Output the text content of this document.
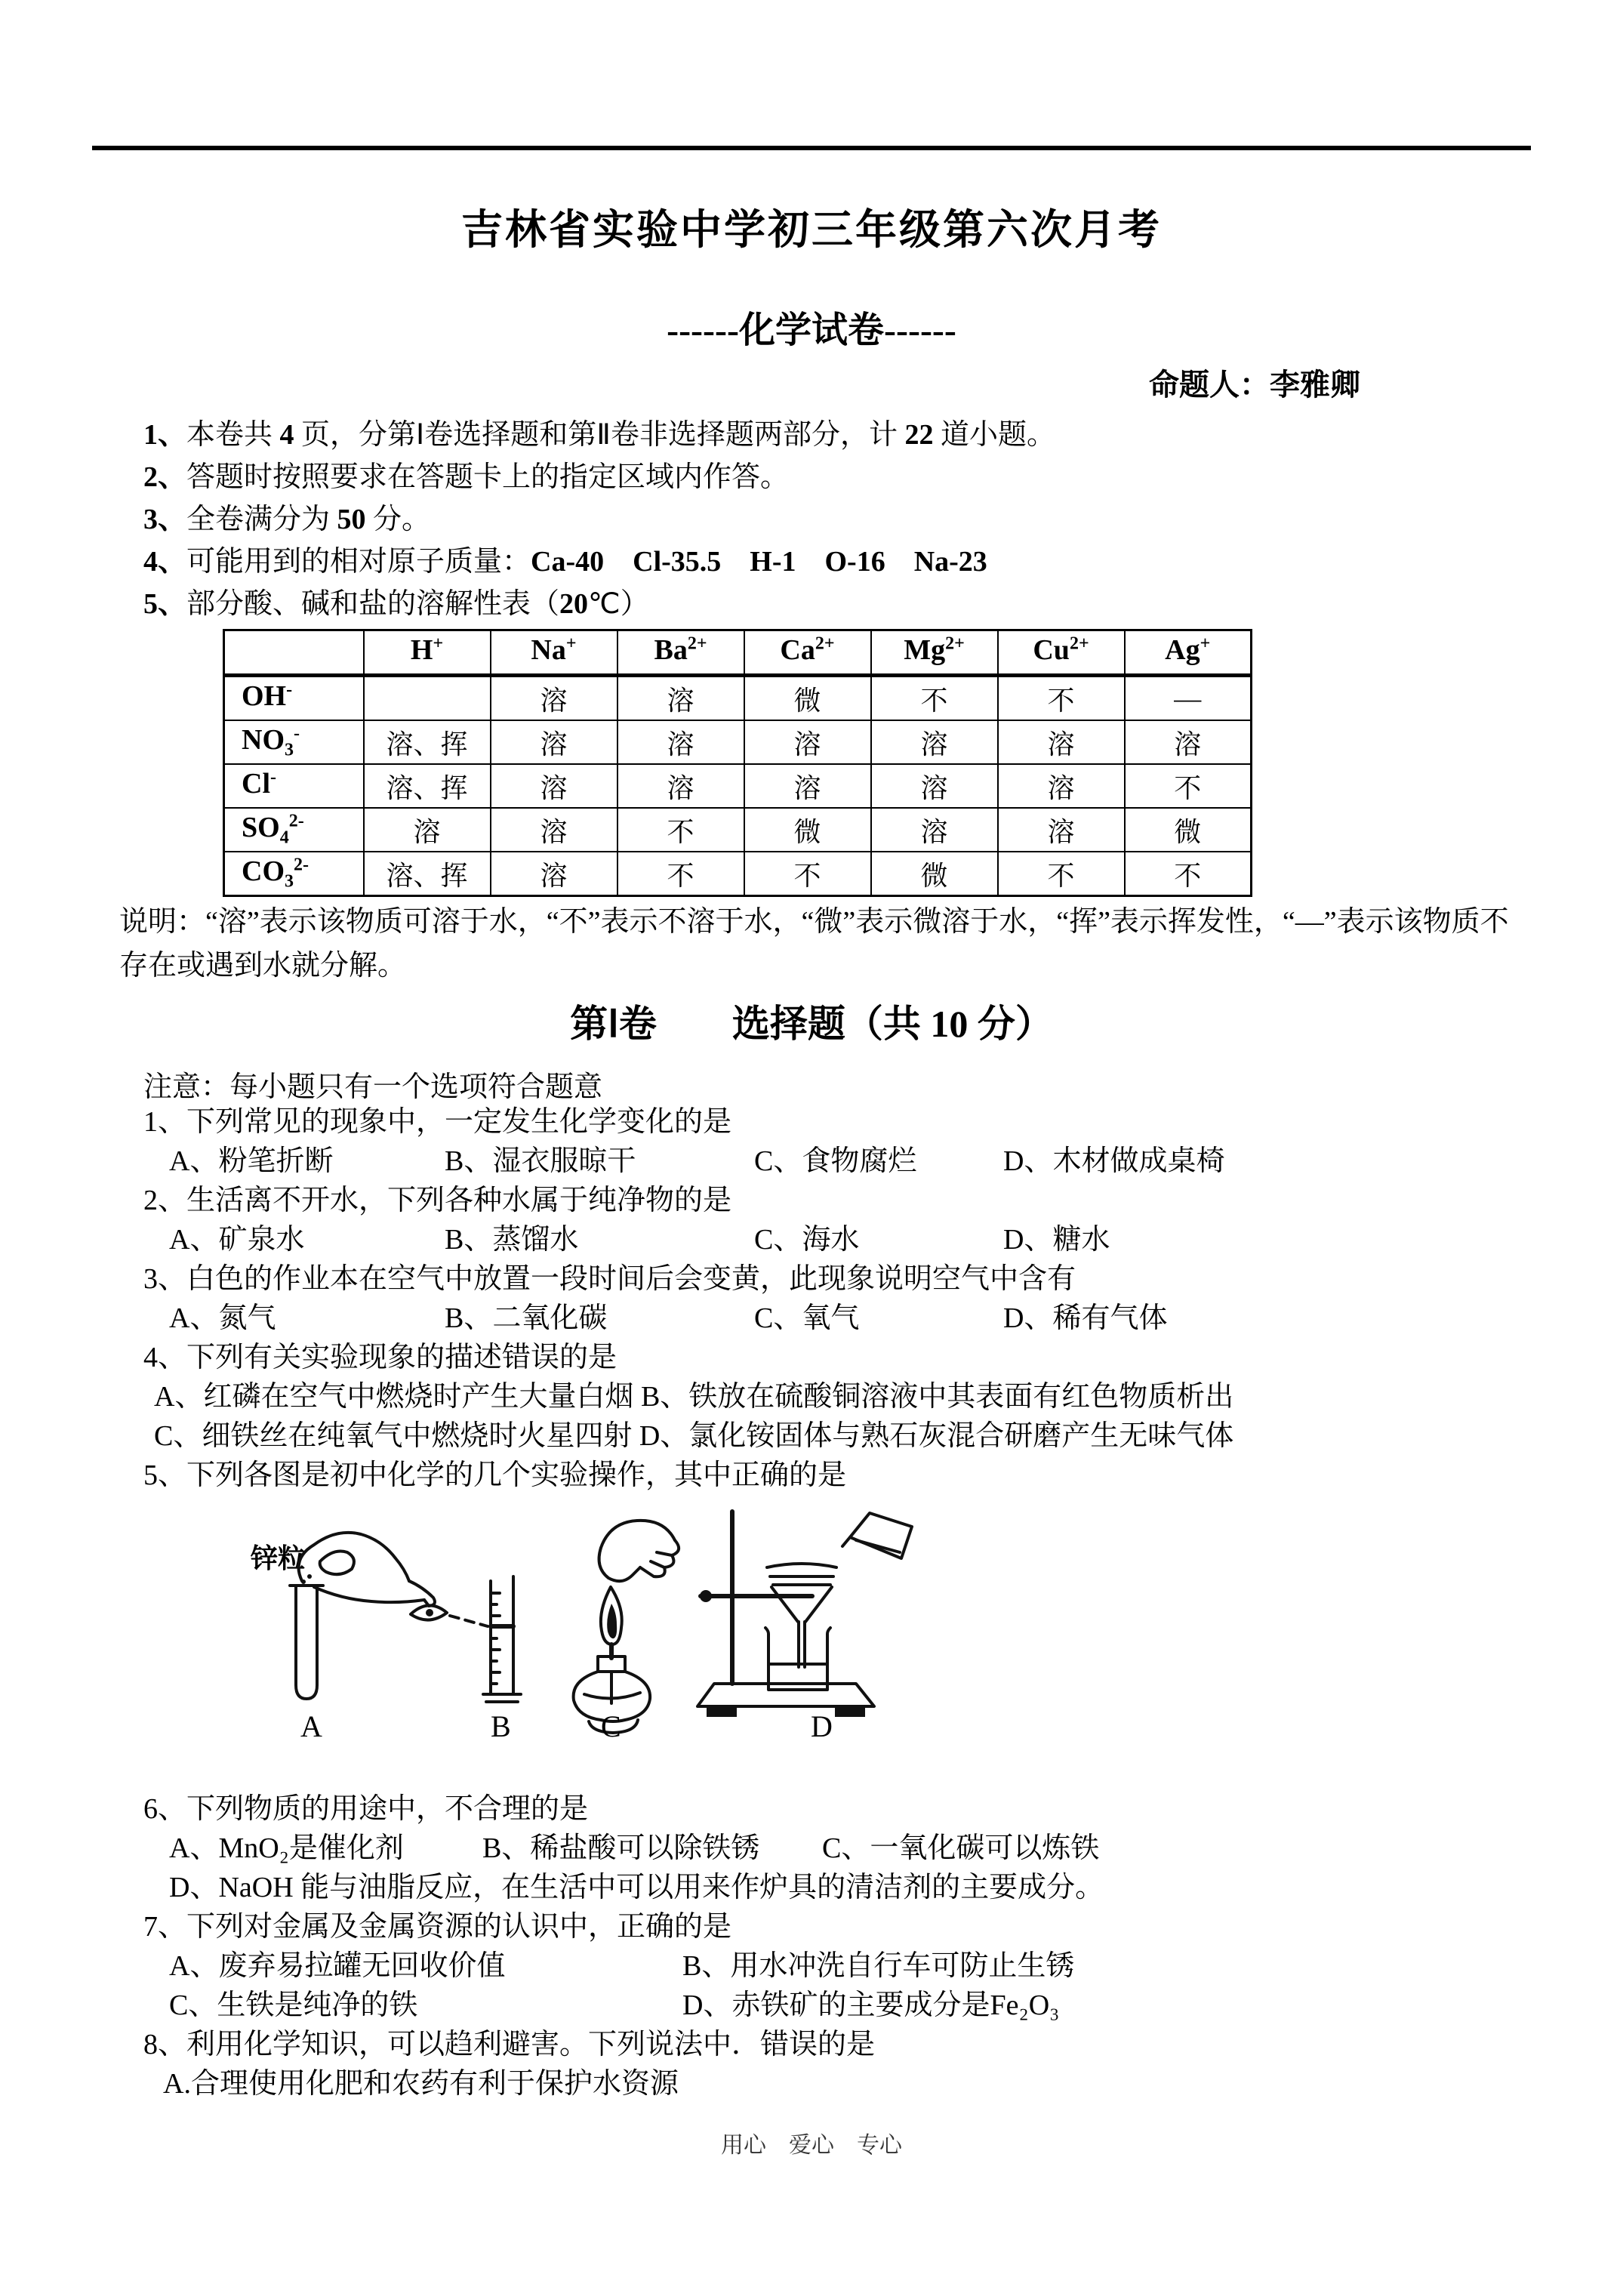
吉林省实验中学初三年级第六次月考
------化学试卷------
命题人：李雅卿
1、本卷共 4 页，分第Ⅰ卷选择题和第Ⅱ卷非选择题两部分，计 22 道小题。
2、答题时按照要求在答题卡上的指定区域内作答。
3、全卷满分为 50 分。
4、可能用到的相对原子质量：Ca-40　Cl-35.5　H-1　O-16　Na-23
5、部分酸、碱和盐的溶解性表（20℃）
	H+	Na+	$Ba^{2+}$	$Ca^{2+}$	$Mg^{2+}$	$Cu^{2+}$	Ag+
OH-		溶	溶	微	不	不	—
$NO_3^-$	溶、挥	溶	溶	溶	溶	溶	溶
Cl-	溶、挥	溶	溶	溶	溶	溶	不
$SO_4^{2-}$	溶	溶	不	微	溶	溶	微
$CO_3^{2-}$	溶、挥	溶	不	不	微	不	不
说明：“溶”表示该物质可溶于水，“不”表示不溶于水，“微”表示微溶于水，“挥”表示挥发性，“—”表示该物质不存在或遇到水就分解。
第Ⅰ卷　　选择题（共 10 分）
注意：每小题只有一个选项符合题意
1、下列常见的现象中，一定发生化学变化的是
A、粉笔折断	B、湿衣服晾干	C、食物腐烂	D、木材做成桌椅
2、生活离不开水，下列各种水属于纯净物的是
A、矿泉水	B、蒸馏水	C、海水	D、糖水
3、白色的作业本在空气中放置一段时间后会变黄，此现象说明空气中含有
A、氮气	B、二氧化碳	C、氧气	D、稀有气体
4、下列有关实验现象的描述错误的是
A、红磷在空气中燃烧时产生大量白烟 B、铁放在硫酸铜溶液中其表面有红色物质析出
C、细铁丝在纯氧气中燃烧时火星四射 D、氯化铵固体与熟石灰混合研磨产生无味气体
5、下列各图是初中化学的几个实验操作，其中正确的是
锌粒
A	B	C	D
6、下列物质的用途中，不合理的是
A、MnO₂是催化剂	B、稀盐酸可以除铁锈 C、一氧化碳可以炼铁
D、NaOH 能与油脂反应，在生活中可以用来作炉具的清洁剂的主要成分。
7、下列对金属及金属资源的认识中，正确的是
A、废弃易拉罐无回收价值	B、用水冲洗自行车可防止生锈
C、生铁是纯净的铁	D、赤铁矿的主要成分是Fe₂O₃
8、利用化学知识，可以趋利避害。下列说法中．错误的是
A.合理使用化肥和农药有利于保护水资源
用心　爱心　专心
